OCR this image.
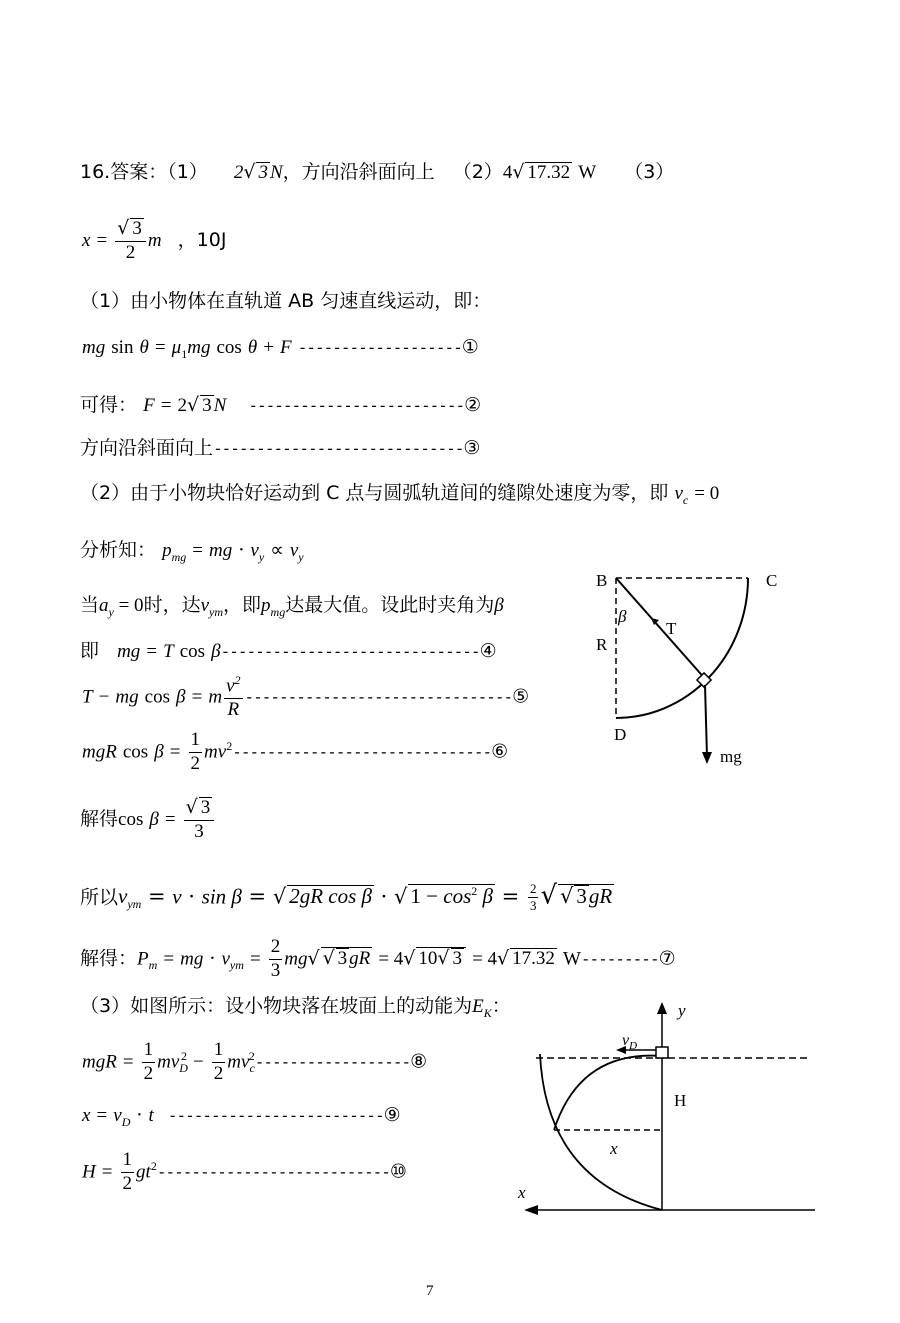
16.答案：（1） 2√ 3 N，方向沿斜面向上 （2）4√ 17.32 W （3）
$x = \frac{√ 3}{2}$ m ，10J
（1）由小物体在直轨道 AB 匀速直线运动，即：
mg $\sin \theta = \mu_1mg$ cos θ + F -------------------①
可得： F = 2√ 3 N -------------------------②
方向沿斜面向上-----------------------------③
（2）由于小物块恰好运动到 C 点与圆弧轨道间的缝隙处速度为零，即 $v_c = 0$
分析知： $p_{mg}$ = mg · $v_y \propto v_y$
当$a_y = 0$时，达$v_{ym}$，即$p_{mg}$达最大值。设此时夹角为β
即 mg = T cos β------------------------------④
T − mg cos β = m $\frac{v^2}{R}$ -------------------------------⑤
mgR $\cos \beta = \frac{1}{2}$ $mv^2------------------------------⑥$
解得$\cos \beta = \frac{√ 3}{3}$
所以$v_{ym} = v \cdot \sin \beta$ = √ 2gR cos β · √ $1 - \cos^2 \beta = \frac{2}{3}$ √ √ 3gR
解得：$P_m$ = mg · $v_{ym} = \frac{2}{3} mg√$ √ 3 gR = 4√ 10√ 3 = 4√ 17.32 W---------⑦
（3）如图所示：设小物块落在坡面上的动能为$E_K$：
mgR = $\frac{1}{2} mv_D^2 - \frac{1}{2}$ $mv_c^2------------------⑧$
$x = v_D \cdot t$ -------------------------⑨
$H = \frac{1}{2}$ $gt^2---------------------------⑩$
B	C
R
D
β
T
mg
y
$v_D$
H
x
x
7
